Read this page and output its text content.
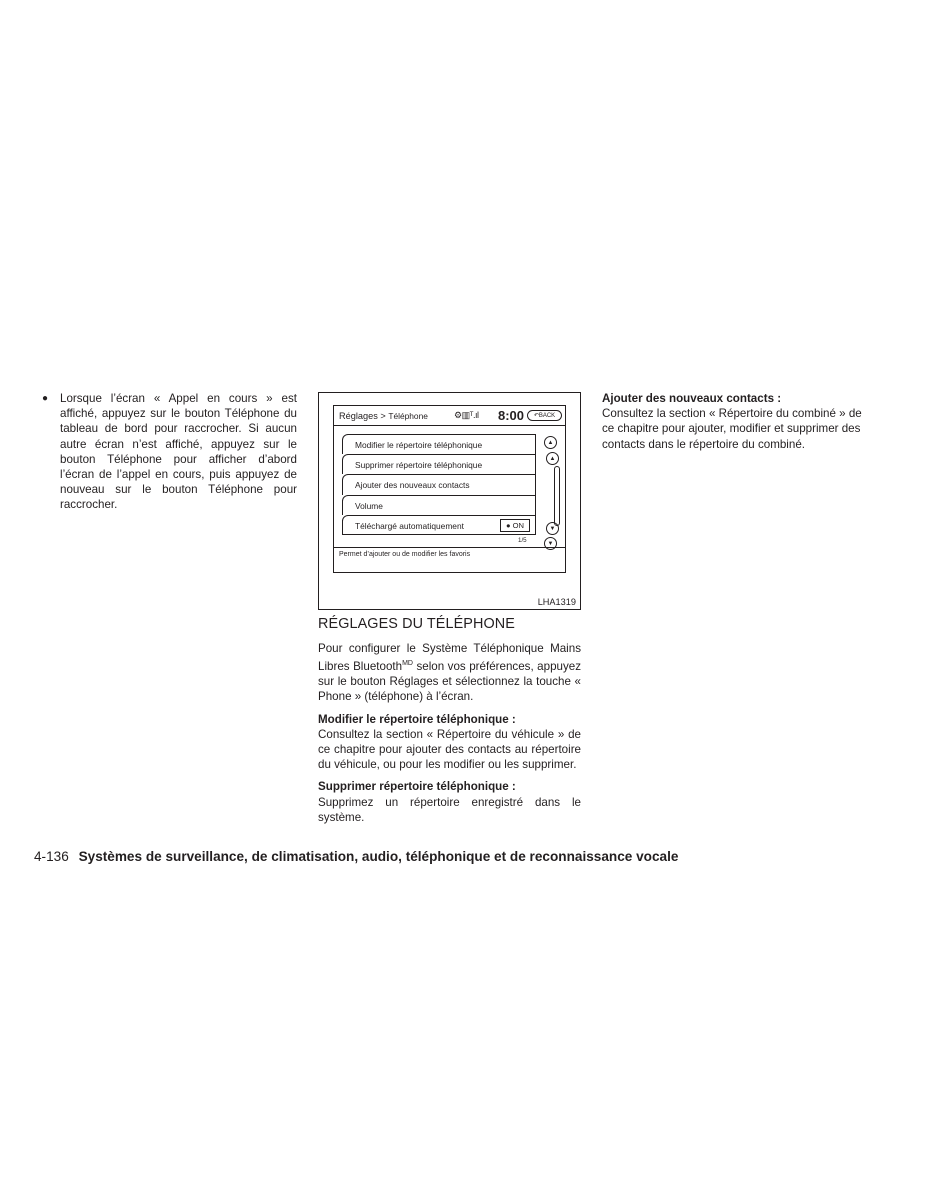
●	Lorsque l’écran « Appel en cours » est affiché, appuyez sur le bouton Téléphone du tableau de bord pour raccrocher. Si aucun autre écran n’est affiché, appuyez sur le bouton Téléphone pour afficher d’abord l’écran de l’appel en cours, puis appuyez de nouveau sur le bouton Téléphone pour raccrocher.

Réglages > Téléphone	⚙▥ᵀ.ıl 8:00	↶BACK
Modifier le répertoire téléphonique
Supprimer répertoire téléphonique
Ajouter des nouveaux contacts
Volume
Téléchargé automatiquement	● ON
▲
▲
▼
▼
1/5
Permet d’ajouter ou de modifier les favoris
LHA1319

RÉGLAGES DU TÉLÉPHONE

Pour configurer le Système Téléphonique Mains Libres Bluetooth$^{MD}$ selon vos préférences, appuyez sur le bouton Réglages et sélectionnez la touche « Phone » (téléphone) à l’écran.

Modifier le répertoire téléphonique :

Consultez la section « Répertoire du véhicule » de ce chapitre pour ajouter des contacts au répertoire du véhicule, ou pour les modifier ou les supprimer.

Supprimer répertoire téléphonique :

Supprimez un répertoire enregistré dans le système.

Ajouter des nouveaux contacts :

Consultez la section « Répertoire du combiné » de ce chapitre pour ajouter, modifier et supprimer des contacts dans le répertoire du combiné.

4-136 Systèmes de surveillance, de climatisation, audio, téléphonique et de reconnaissance vocale
